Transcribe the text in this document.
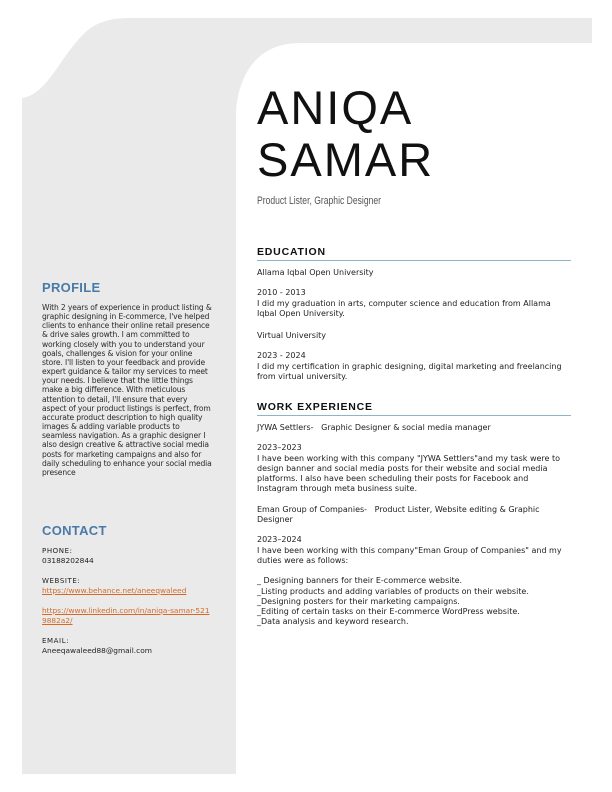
PROFILE
With 2 years of experience in product listing & graphic designing in E-commerce, I've helped clients to enhance their online retail presence & drive sales growth. I am committed to working closely with you to understand your goals, challenges & vision for your online store. I'll listen to your feedback and provide expert guidance & tailor my services to meet your needs. I believe that the little things make a big difference. With meticulous attention to detail, I'll ensure that every aspect of your product listings is perfect, from accurate product description to high quality images & adding variable products to seamless navigation. As a graphic designer I also design creative & attractive social media posts for marketing campaigns and also for daily scheduling to enhance your social media presence
CONTACT
PHONE:
03188202844
WEBSITE:
https://www.behance.net/aneeqwaleed
https://www.linkedin.com/in/aniqa-samar-5219882a2/
EMAIL:
Aneeqawaleed88@gmail.com
ANIQA
SAMAR
Product Lister, Graphic Designer
EDUCATION
Allama Iqbal Open University
2010 - 2013
I did my graduation in arts, computer science and education from Allama Iqbal Open University.
Virtual University
2023 - 2024
I did my certification in graphic designing, digital marketing and freelancing from virtual university.
WORK EXPERIENCE
JYWA Settlers-   Graphic Designer & social media manager
2023–2023
I have been working with this company "JYWA Settlers"and my task were to design banner and social media posts for their website and social media platforms. I also have been scheduling their posts for Facebook and Instagram through meta business suite.
Eman Group of Companies-   Product Lister, Website editing & Graphic Designer
2023–2024
I have been working with this company"Eman Group of Companies" and my duties were as follows:
_ Designing banners for their E-commerce website.
_Listing products and adding variables of products on their website.
_Designing posters for their marketing campaigns.
_Editing of certain tasks on their E-commerce WordPress website.
_Data analysis and keyword research.
